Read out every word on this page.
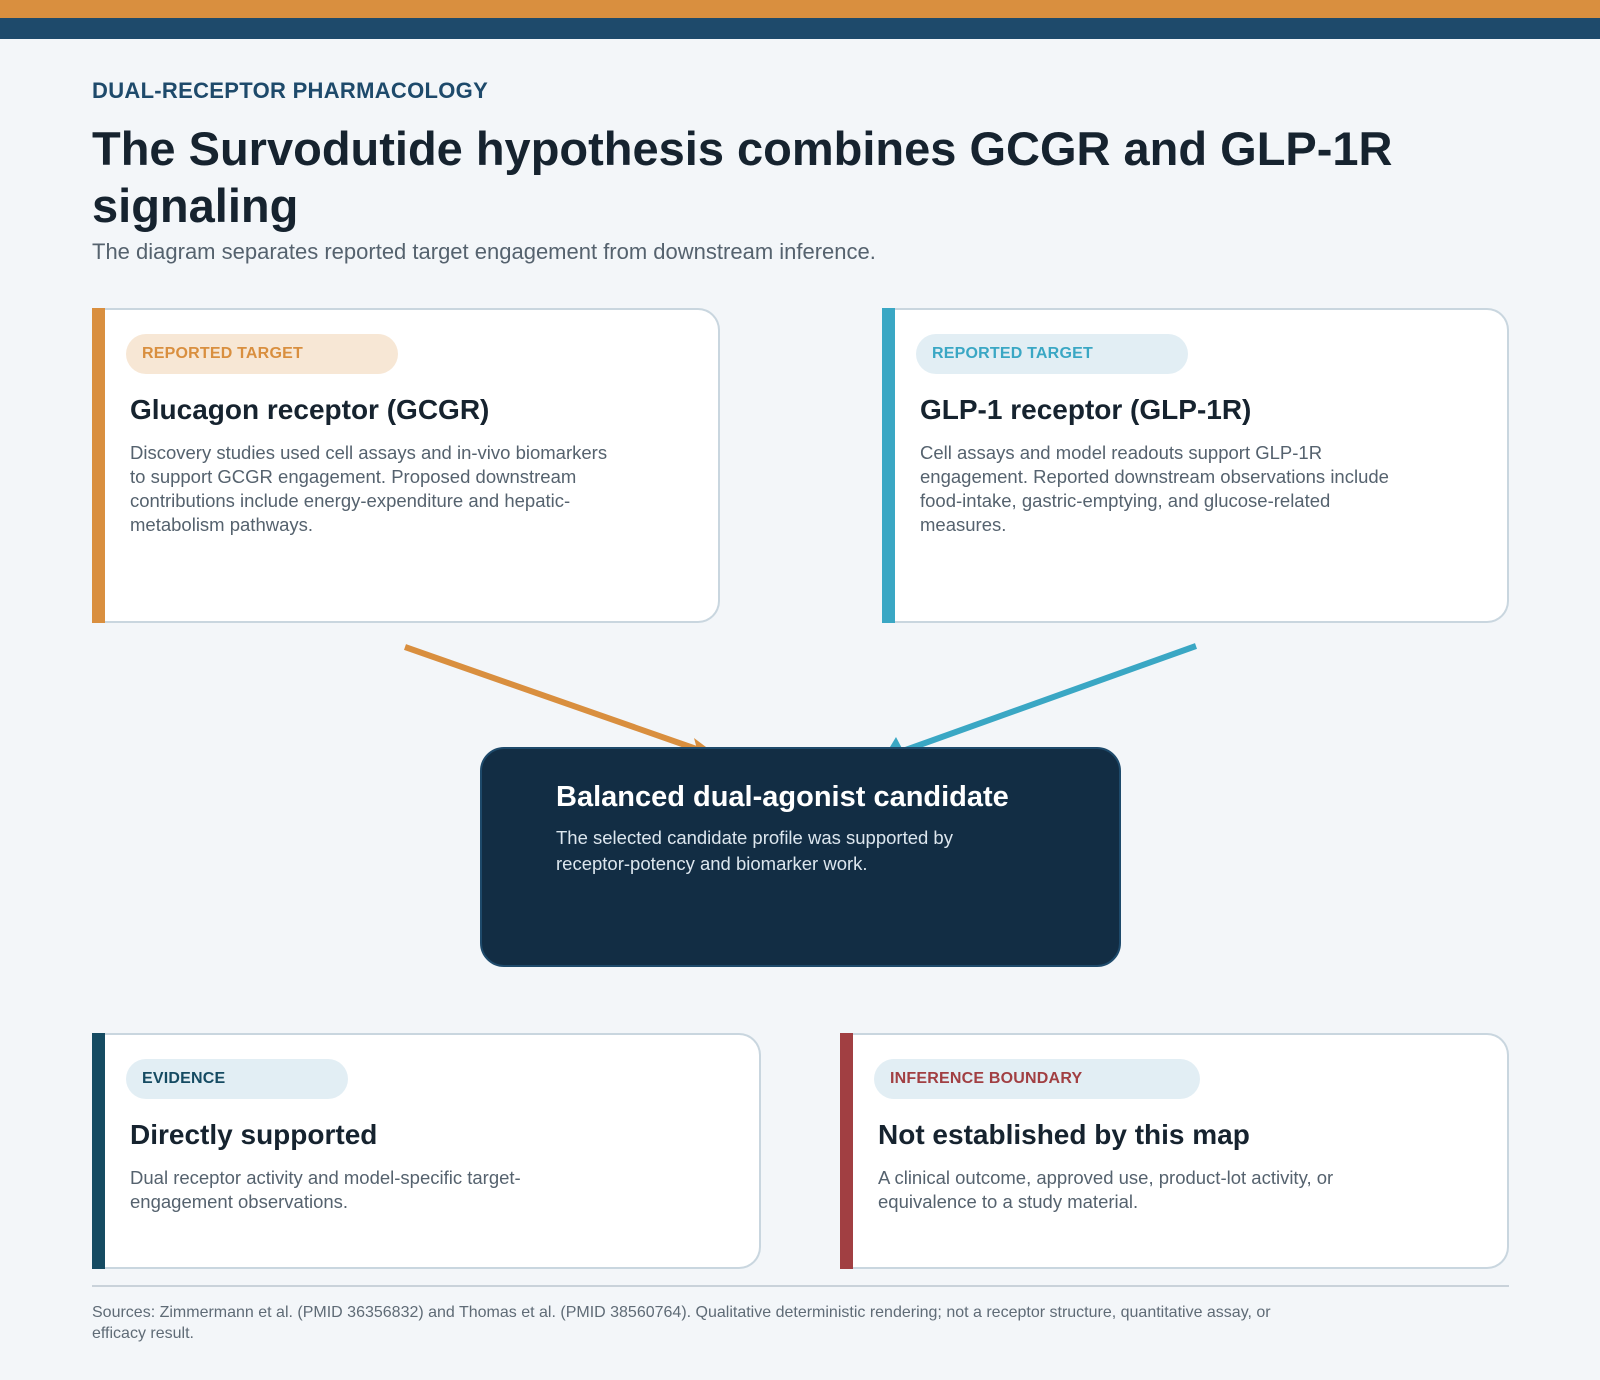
DUAL-RECEPTOR PHARMACOLOGY
The Survodutide hypothesis combines GCGR and GLP-1R signaling
The diagram separates reported target engagement from downstream inference.
REPORTED TARGET
Glucagon receptor (GCGR)
Discovery studies used cell assays and in-vivo biomarkers to support GCGR engagement. Proposed downstream contributions include energy-expenditure and hepatic-metabolism pathways.
REPORTED TARGET
GLP-1 receptor (GLP-1R)
Cell assays and model readouts support GLP-1R engagement. Reported downstream observations include food-intake, gastric-emptying, and glucose-related measures.
Balanced dual-agonist candidate
The selected candidate profile was supported by receptor-potency and biomarker work.
EVIDENCE
Directly supported
Dual receptor activity and model-specific target-engagement observations.
INFERENCE BOUNDARY
Not established by this map
A clinical outcome, approved use, product-lot activity, or equivalence to a study material.
Sources: Zimmermann et al. (PMID 36356832) and Thomas et al. (PMID 38560764). Qualitative deterministic rendering; not a receptor structure, quantitative assay, or efficacy result.
